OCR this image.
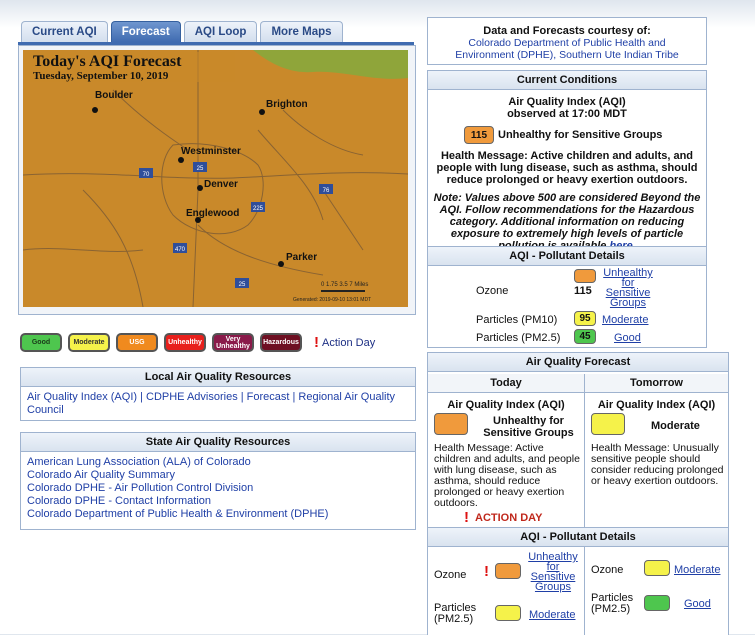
Current AQI	Forecast	AQI Loop	More Maps
Today's AQI Forecast
Tuesday, September 10, 2019
Boulder
Brighton
Westminster
Denver
Englewood
Parker
25
76
70
225
470
25	0 1.75 3.5 7 Miles
Generated: 2019-09-10 13:01 MDT
Good	Moderate	USG	Unhealthy	Very Unhealthy	Hazardous ! Action Day
Local Air Quality Resources
Air Quality Index (AQI) | CDPHE Advisories | Forecast | Regional Air Quality Council
State Air Quality Resources
American Lung Association (ALA) of Colorado
Colorado Air Quality Summary
Colorado DPHE - Air Pollution Control Division
Colorado DPHE - Contact Information
Colorado Department of Public Health & Environment (DPHE)
Data and Forecasts courtesy of:
Colorado Department of Public Health and
Environment (DPHE), Southern Ute Indian Tribe
Current Conditions
Air Quality Index (AQI)
observed at 17:00 MDT
115 Unhealthy for Sensitive Groups
Health Message: Active children and adults, and people with lung disease, such as asthma, should reduce prolonged or heavy exertion outdoors.
Note: Values above 500 are considered Beyond the AQI. Follow recommendations for the Hazardous category. Additional information on reducing exposure to extremely high levels of particle
AQI - Pollutant Details
Ozone	115
Unhealthy for Sensitive Groups
Particles (PM10)	95	Moderate
Particles (PM2.5)	45	Good
Air Quality Forecast
Today	Tomorrow
Air Quality Index (AQI)
Unhealthy for Sensitive Groups
Health Message: Active children and adults, and people with lung disease, such as asthma, should reduce prolonged or heavy exertion outdoors.
! ACTION DAY
Air Quality Index (AQI)
Moderate
Health Message: Unusually sensitive people should consider reducing prolonged or heavy exertion outdoors.
AQI - Pollutant Details
Ozone !
Unhealthy for Sensitive Groups
Particles (PM2.5)	Moderate
Ozone	Moderate
Particles (PM2.5)	Good
